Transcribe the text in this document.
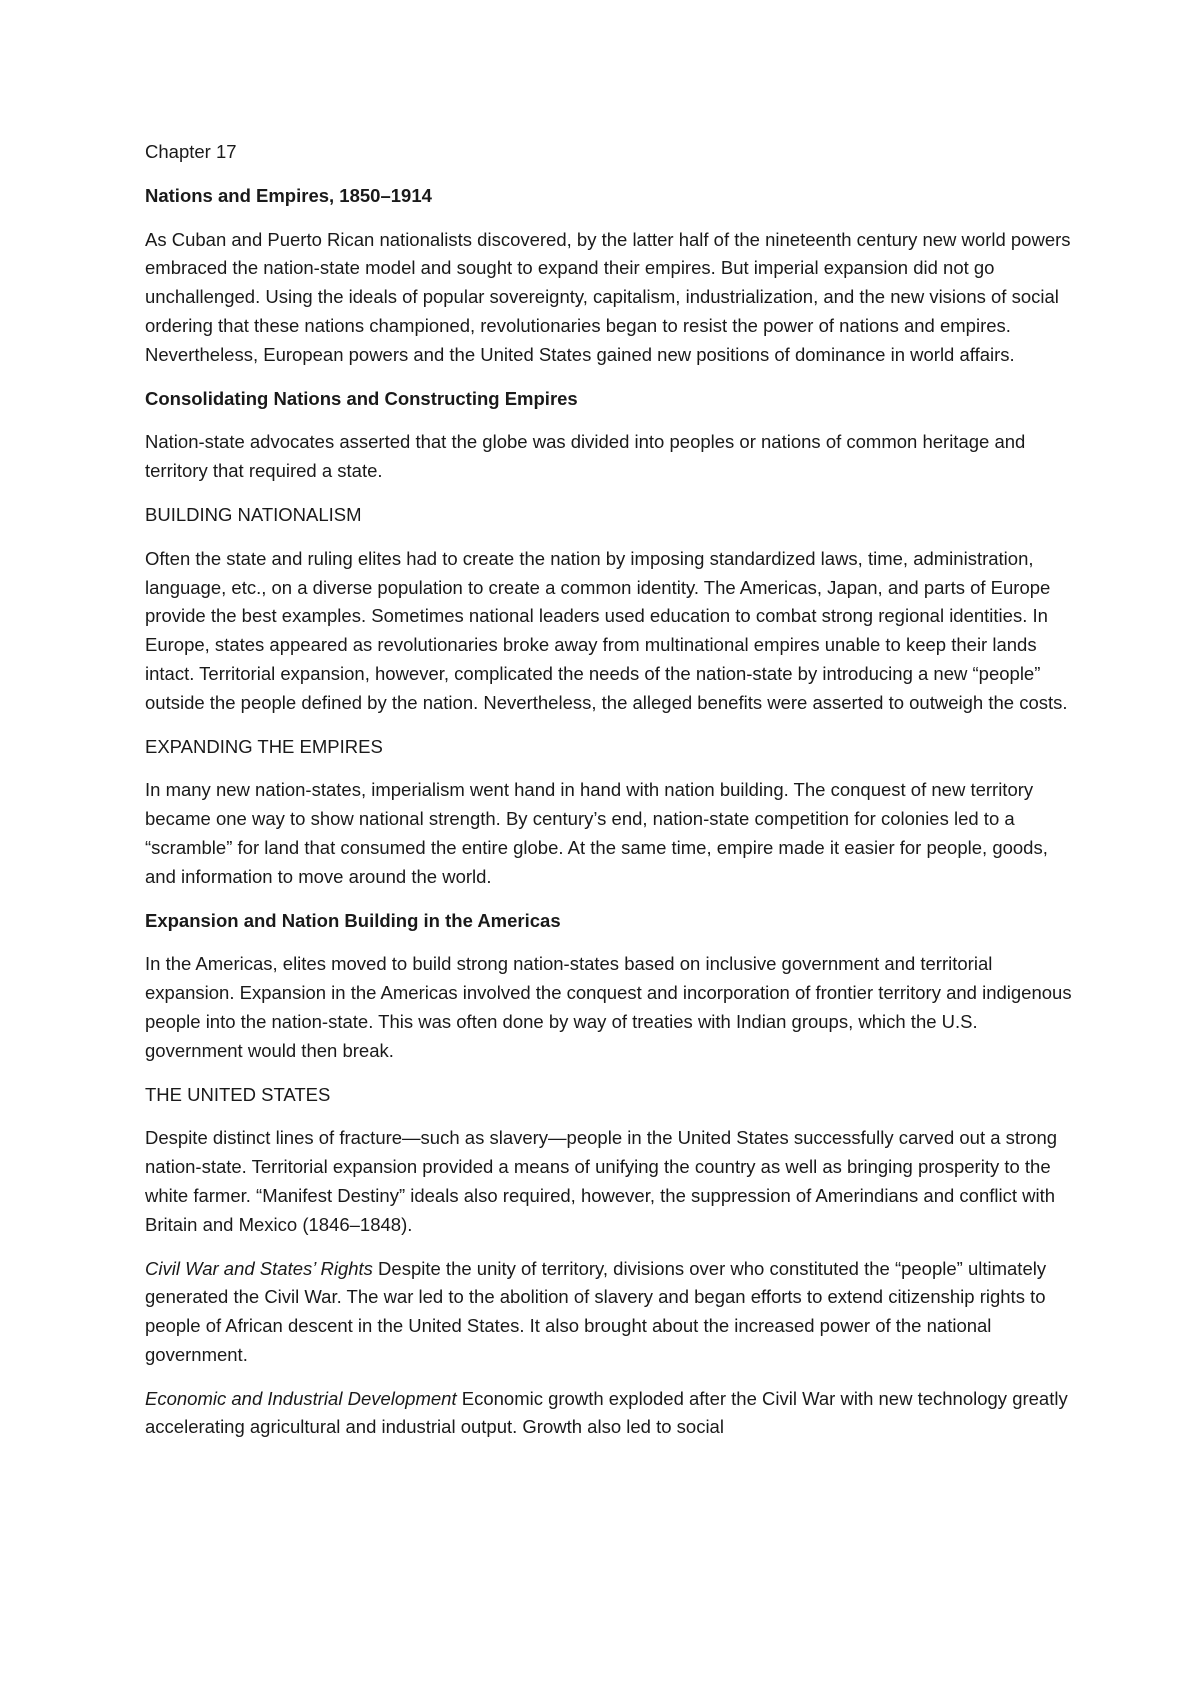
Chapter 17

Nations and Empires, 1850–1914

As Cuban and Puerto Rican nationalists discovered, by the latter half of the nineteenth century new world powers embraced the nation-state model and sought to expand their empires. But imperial expansion did not go unchallenged. Using the ideals of popular sovereignty, capitalism, industrialization, and the new visions of social ordering that these nations championed, revolutionaries began to resist the power of nations and empires. Nevertheless, European powers and the United States gained new positions of dominance in world affairs.

Consolidating Nations and Constructing Empires

Nation-state advocates asserted that the globe was divided into peoples or nations of common heritage and territory that required a state.

BUILDING NATIONALISM

Often the state and ruling elites had to create the nation by imposing standardized laws, time, administration, language, etc., on a diverse population to create a common identity. The Americas, Japan, and parts of Europe provide the best examples. Sometimes national leaders used education to combat strong regional identities. In Europe, states appeared as revolutionaries broke away from multinational empires unable to keep their lands intact. Territorial expansion, however, complicated the needs of the nation-state by introducing a new “people” outside the people defined by the nation. Nevertheless, the alleged benefits were asserted to outweigh the costs.

EXPANDING THE EMPIRES

In many new nation-states, imperialism went hand in hand with nation building. The conquest of new territory became one way to show national strength. By century’s end, nation-state competition for colonies led to a “scramble” for land that consumed the entire globe. At the same time, empire made it easier for people, goods, and information to move around the world.

Expansion and Nation Building in the Americas

In the Americas, elites moved to build strong nation-states based on inclusive government and territorial expansion. Expansion in the Americas involved the conquest and incorporation of frontier territory and indigenous people into the nation-state. This was often done by way of treaties with Indian groups, which the U.S. government would then break.

THE UNITED STATES

Despite distinct lines of fracture—such as slavery—people in the United States successfully carved out a strong nation-state. Territorial expansion provided a means of unifying the country as well as bringing prosperity to the white farmer. “Manifest Destiny” ideals also required, however, the suppression of Amerindians and conflict with Britain and Mexico (1846–1848).

Civil War and States’ Rights Despite the unity of territory, divisions over who constituted the “people” ultimately generated the Civil War. The war led to the abolition of slavery and began efforts to extend citizenship rights to people of African descent in the United States. It also brought about the increased power of the national government.

Economic and Industrial Development Economic growth exploded after the Civil War with new technology greatly accelerating agricultural and industrial output. Growth also led to social
